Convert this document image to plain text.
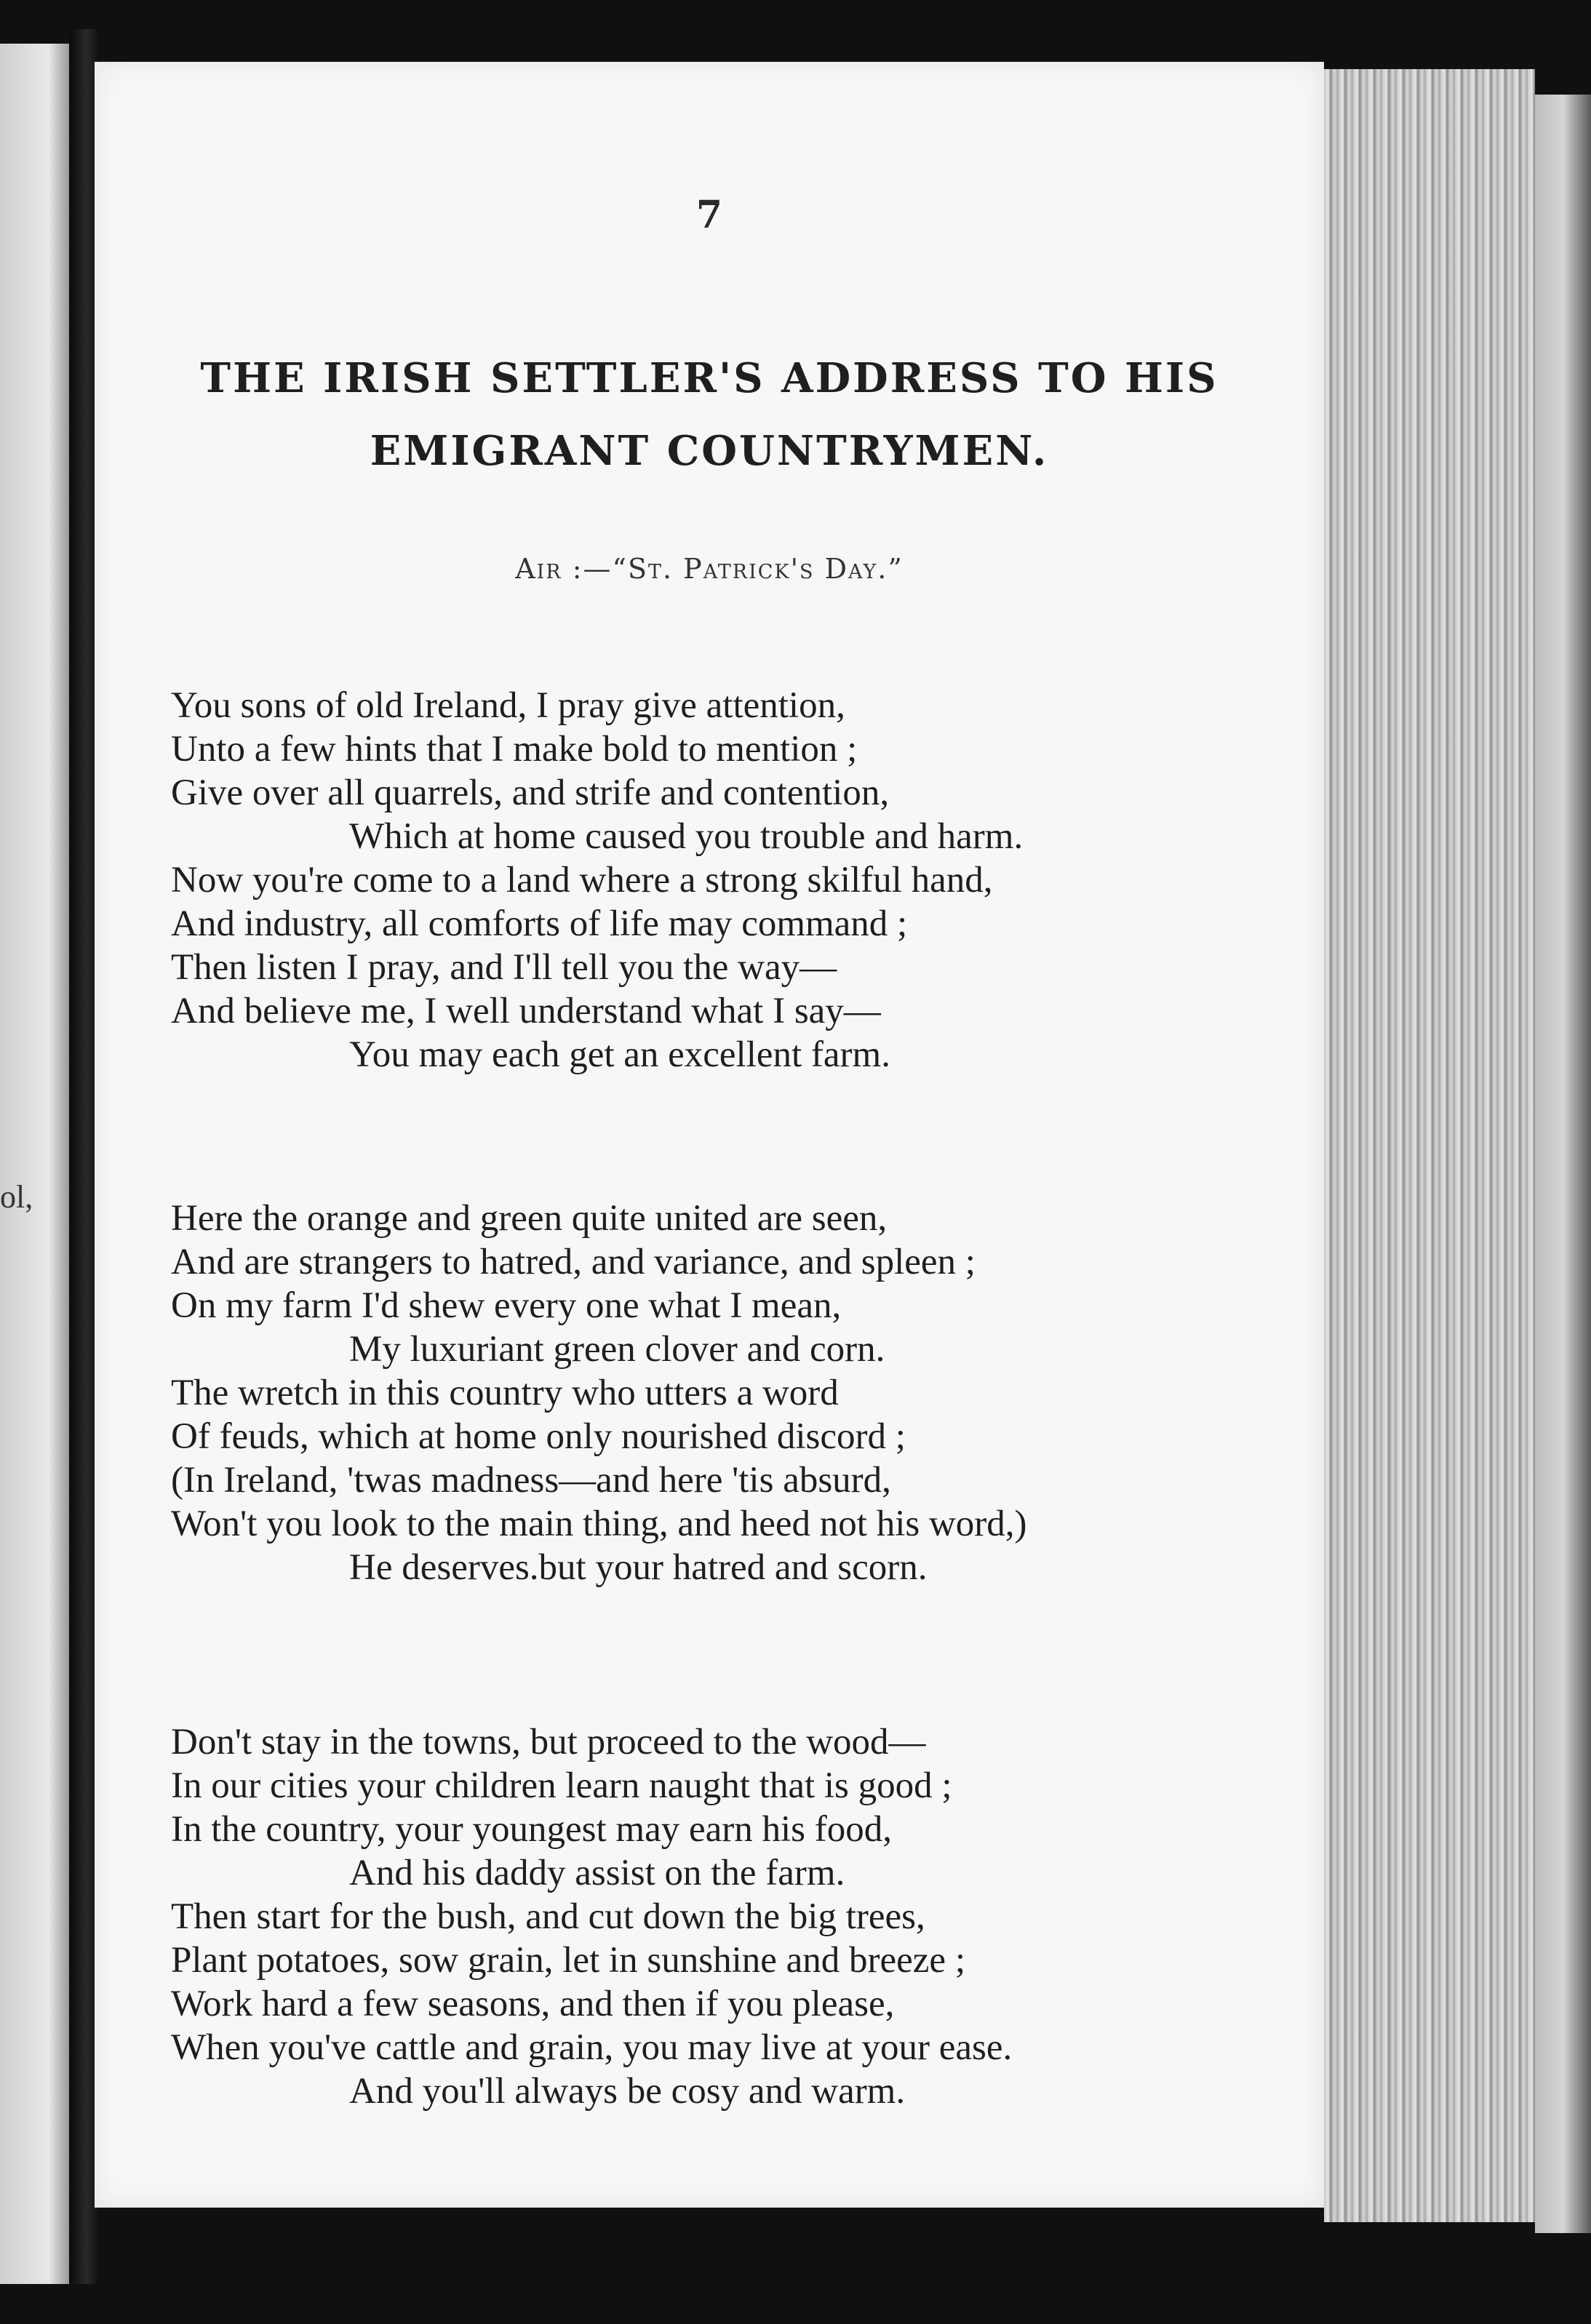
ol,
7
THE IRISH SETTLER'S ADDRESS TO HIS
EMIGRANT COUNTRYMEN.
Air :—“St. Patrick's Day.”
You sons of old Ireland, I pray give attention,
Unto a few hints that I make bold to mention ;
Give over all quarrels, and strife and contention,
Which at home caused you trouble and harm.
Now you're come to a land where a strong skilful hand,
And industry, all comforts of life may command ;
Then listen I pray, and I'll tell you the way—
And believe me, I well understand what I say—
You may each get an excellent farm.
Here the orange and green quite united are seen,
And are strangers to hatred, and variance, and spleen ;
On my farm I'd shew every one what I mean,
My luxuriant green clover and corn.
The wretch in this country who utters a word
Of feuds, which at home only nourished discord ;
(In Ireland, 'twas madness—and here 'tis absurd,
Won't you look to the main thing, and heed not his word,)
He deserves.but your hatred and scorn.
Don't stay in the towns, but proceed to the wood—
In our cities your children learn naught that is good ;
In the country, your youngest may earn his food,
And his daddy assist on the farm.
Then start for the bush, and cut down the big trees,
Plant potatoes, sow grain, let in sunshine and breeze ;
Work hard a few seasons, and then if you please,
When you've cattle and grain, you may live at your ease.
And you'll always be cosy and warm.
